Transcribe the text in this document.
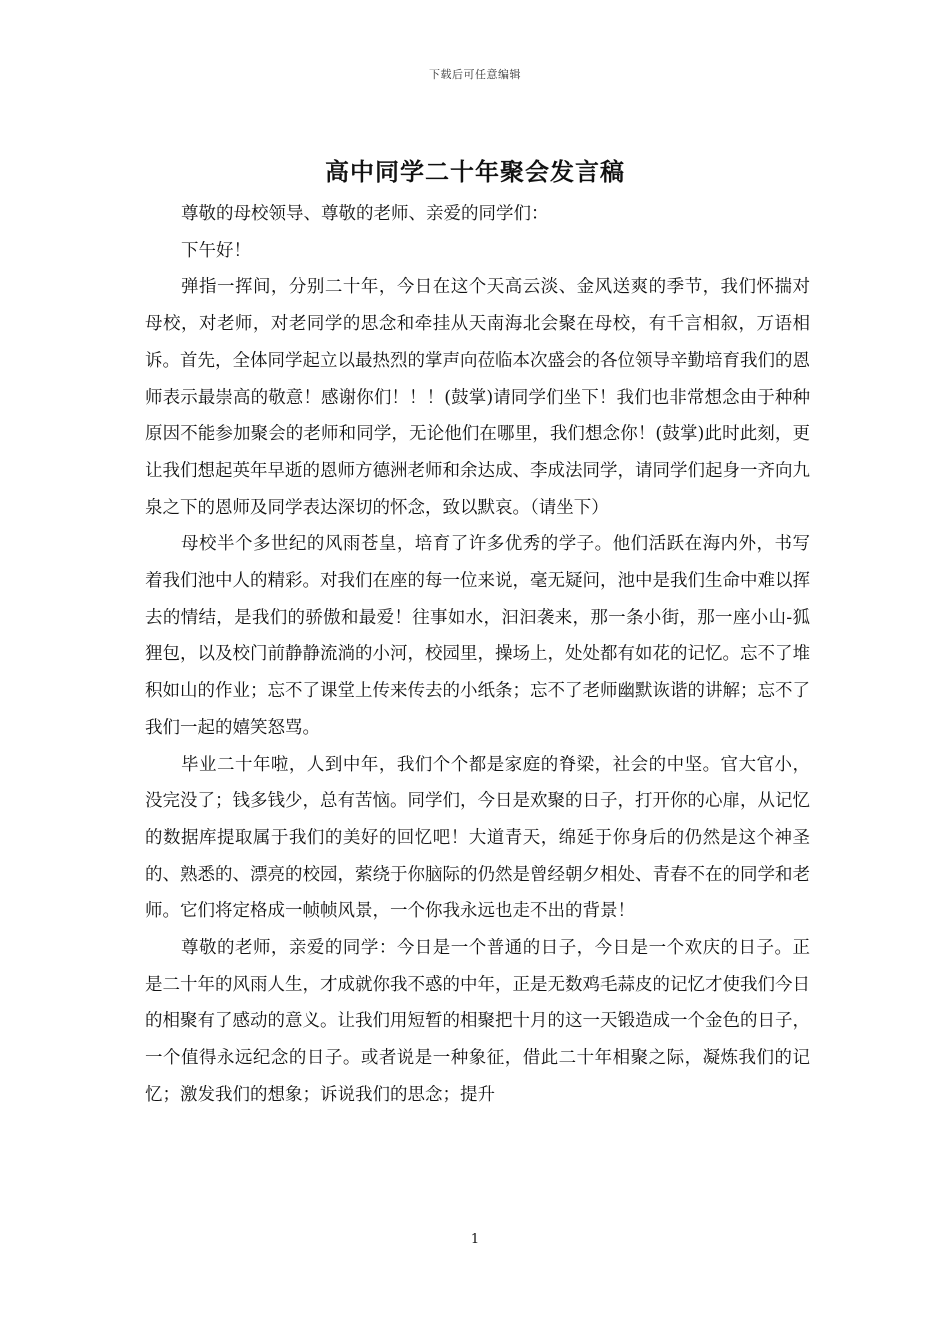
下载后可任意编辑
高中同学二十年聚会发言稿

尊敬的母校领导、尊敬的老师、亲爱的同学们：

下午好！

弹指一挥间，分别二十年，今日在这个天高云淡、金风送爽的季节，我们怀揣对母校，对老师，对老同学的思念和牵挂从天南海北会聚在母校，有千言相叙，万语相诉。首先，全体同学起立以最热烈的掌声向莅临本次盛会的各位领导辛勤培育我们的恩师表示最崇高的敬意！感谢你们！！！(鼓掌)请同学们坐下！我们也非常想念由于种种原因不能参加聚会的老师和同学，无论他们在哪里，我们想念你！(鼓掌)此时此刻，更让我们想起英年早逝的恩师方德洲老师和余达成、李成法同学，请同学们起身一齐向九泉之下的恩师及同学表达深切的怀念，致以默哀。（请坐下）

母校半个多世纪的风雨苍皇，培育了许多优秀的学子。他们活跃在海内外，书写着我们池中人的精彩。对我们在座的每一位来说，毫无疑问，池中是我们生命中难以挥去的情结，是我们的骄傲和最爱！往事如水，汩汩袭来，那一条小街，那一座小山-狐狸包，以及校门前静静流淌的小河，校园里，操场上，处处都有如花的记忆。忘不了堆积如山的作业；忘不了课堂上传来传去的小纸条；忘不了老师幽默诙谐的讲解；忘不了我们一起的嬉笑怒骂。

毕业二十年啦，人到中年，我们个个都是家庭的脊梁，社会的中坚。官大官小，没完没了；钱多钱少，总有苦恼。同学们，今日是欢聚的日子，打开你的心扉，从记忆的数据库提取属于我们的美好的回忆吧！大道青天，绵延于你身后的仍然是这个神圣的、熟悉的、漂亮的校园，萦绕于你脑际的仍然是曾经朝夕相处、青春不在的同学和老师。它们将定格成一帧帧风景，一个你我永远也走不出的背景！

尊敬的老师，亲爱的同学：今日是一个普通的日子，今日是一个欢庆的日子。正是二十年的风雨人生，才成就你我不惑的中年，正是无数鸡毛蒜皮的记忆才使我们今日的相聚有了感动的意义。让我们用短暂的相聚把十月的这一天锻造成一个金色的日子，一个值得永远纪念的日子。或者说是一种象征，借此二十年相聚之际，凝炼我们的记忆；激发我们的想象；诉说我们的思念；提升

1
